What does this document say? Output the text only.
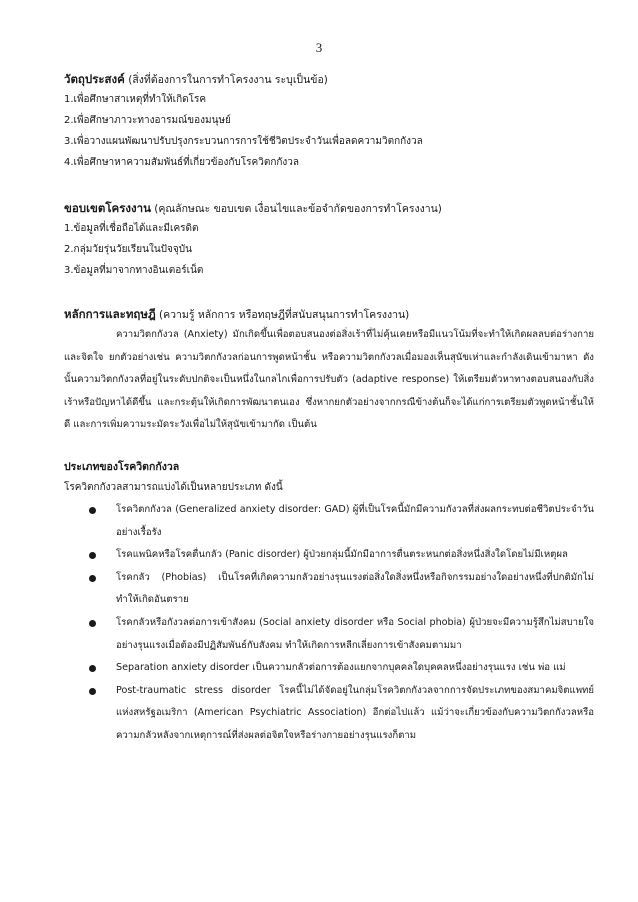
3

วัตถุประสงค์ (สิ่งที่ต้องการในการทำโครงงาน ระบุเป็นข้อ)

1.เพื่อศึกษาสาเหตุที่ทำให้เกิดโรค

2.เพื่อศึกษาภาวะทางอารมณ์ของมนุษย์

3.เพื่อวางแผนพัฒนาปรับปรุงกระบวนการการใช้ชีวิตประจำวันเพื่อลดความวิตกกังวล

4.เพื่อศึกษาหาความสัมพันธ์ที่เกี่ยวข้องกับโรควิตกกังวล

ขอบเขตโครงงาน (คุณลักษณะ ขอบเขต เงื่อนไขและข้อจำกัดของการทำโครงงาน)

1.ข้อมูลที่เชื่อถือได้และมีเครดิต

2.กลุ่มวัยรุ่นวัยเรียนในปัจจุบัน

3.ข้อมูลที่มาจากทางอินเตอร์เน็ต

หลักการและทฤษฎี (ความรู้ หลักการ หรือทฤษฎีที่สนับสนุนการทำโครงงาน)

ความวิตกกังวล (Anxiety) มักเกิดขึ้นเพื่อตอบสนองต่อสิ่งเร้าที่ไม่คุ้นเคยหรือมีแนวโน้มที่จะทำให้เกิดผลลบต่อร่างกายและจิตใจ ยกตัวอย่างเช่น ความวิตกกังวลก่อนการพูดหน้าชั้น หรือความวิตกกังวลเมื่อมองเห็นสุนัขเห่าและกำลังเดินเข้ามาหา ดังนั้นความวิตกกังวลที่อยู่ในระดับปกติจะเป็นหนึ่งในกลไกเพื่อการปรับตัว (adaptive response) ให้เตรียมตัวหาทางตอบสนองกับสิ่งเร้าหรือปัญหาได้ดีขึ้น และกระตุ้นให้เกิดการพัฒนาตนเอง ซึ่งหากยกตัวอย่างจากกรณีข้างต้นก็จะได้แก่การเตรียมตัวพูดหน้าชั้นให้ดี และการเพิ่มความระมัดระวังเพื่อไม่ให้สุนัขเข้ามากัด เป็นต้น

ประเภทของโรควิตกกังวล

โรควิตกกังวลสามารถแบ่งได้เป็นหลายประเภท ดังนี้

โรควิตกกังวล (Generalized anxiety disorder: GAD) ผู้ที่เป็นโรคนี้มักมีความกังวลที่ส่งผลกระทบต่อชีวิตประจำวันอย่างเรื้อรัง
โรคแพนิคหรือโรคตื่นกลัว (Panic disorder) ผู้ป่วยกลุ่มนี้มักมีอาการตื่นตระหนกต่อสิ่งหนึ่งสิ่งใดโดยไม่มีเหตุผล
โรคกลัว (Phobias) เป็นโรคที่เกิดความกลัวอย่างรุนแรงต่อสิ่งใดสิ่งหนึ่งหรือกิจกรรมอย่างใดอย่างหนึ่งที่ปกติมักไม่ทำให้เกิดอันตราย
โรคกลัวหรือกังวลต่อการเข้าสังคม (Social anxiety disorder หรือ Social phobia) ผู้ป่วยจะมีความรู้สึกไม่สบายใจอย่างรุนแรงเมื่อต้องมีปฏิสัมพันธ์กับสังคม ทำให้เกิดการหลีกเลี่ยงการเข้าสังคมตามมา
Separation anxiety disorder เป็นความกลัวต่อการต้องแยกจากบุคคลใดบุคคลหนึ่งอย่างรุนแรง เช่น พ่อ แม่
Post-traumatic stress disorder โรคนี้ไม่ได้จัดอยู่ในกลุ่มโรควิตกกังวลจากการจัดประเภทของสมาคมจิตแพทย์แห่งสหรัฐอเมริกา (American Psychiatric Association) อีกต่อไปแล้ว แม้ว่าจะเกี่ยวข้องกับความวิตกกังวลหรือความกลัวหลังจากเหตุการณ์ที่ส่งผลต่อจิตใจหรือร่างกายอย่างรุนแรงก็ตาม
